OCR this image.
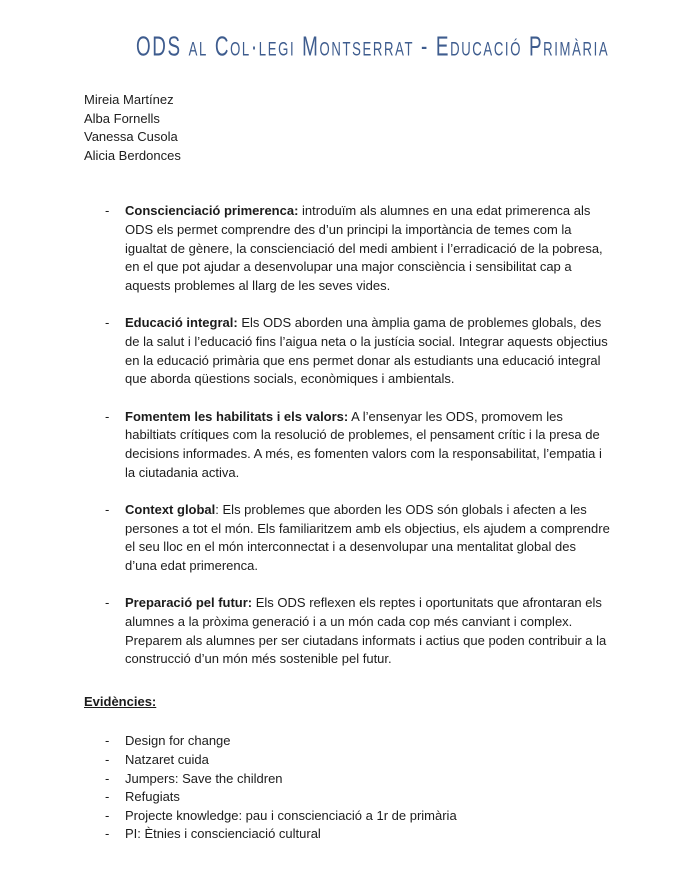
ODS al Col·legi Montserrat - Educació Primària

Mireia Martínez

Alba Fornells

Vanessa Cusola

Alicia Berdonces

- Conscienciació primerenca: introduïm als alumnes en una edat primerenca als ODS els permet comprendre des d’un principi la importància de temes com la igualtat de gènere, la conscienciació del medi ambient i l’erradicació de la pobresa, en el que pot ajudar a desenvolupar una major consciència i sensibilitat cap a aquests problemes al llarg de les seves vides.
- Educació integral: Els ODS aborden una àmplia gama de problemes globals, des de la salut i l’educació fins l’aigua neta o la justícia social. Integrar aquests objectius en la educació primària que ens permet donar als estudiants una educació integral que aborda qüestions socials, econòmiques i ambientals.
- Fomentem les habilitats i els valors: A l’ensenyar les ODS, promovem les habiltiats crítiques com la resolució de problemes, el pensament crític i la presa de decisions informades. A més, es fomenten valors com la responsabilitat, l’empatia i la ciutadania activa.
- Context global: Els problemes que aborden les ODS són globals i afecten a les persones a tot el món. Els familiaritzem amb els objectius, els ajudem a comprendre el seu lloc en el món interconnectat i a desenvolupar una mentalitat global des d’una edat primerenca.
- Preparació pel futur: Els ODS reflexen els reptes i oportunitats que afrontaran els alumnes a la pròxima generació i a un món cada cop més canviant i complex. Preparem als alumnes per ser ciutadans informats i actius que poden contribuir a la construcció d’un món més sostenible pel futur.
Evidències:
- Design for change
- Natzaret cuida
- Jumpers: Save the children
- Refugiats
- Projecte knowledge: pau i conscienciació a 1r de primària
- PI: Ètnies i conscienciació cultural
